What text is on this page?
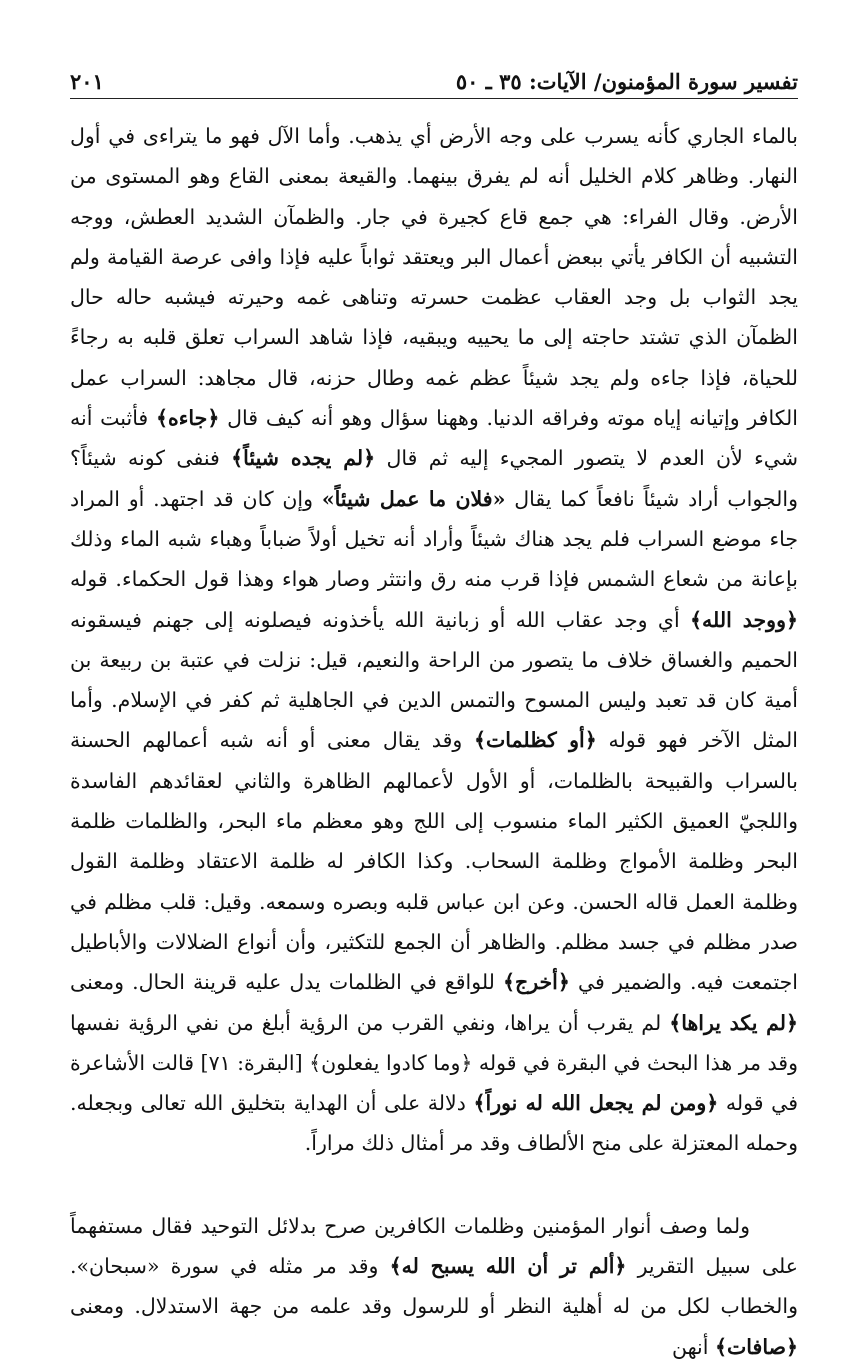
تفسير سورة المؤمنون/ الآيات: ٣٥ ـ ٥٠
٢٠١

بالماء الجاري كأنه يسرب على وجه الأرض أي يذهب. وأما الآل فهو ما يتراءى في أول النهار. وظاهر كلام الخليل أنه لم يفرق بينهما. والقيعة بمعنى القاع وهو المستوى من الأرض. وقال الفراء: هي جمع قاع كجيرة في جار. والظمآن الشديد العطش، ووجه التشبيه أن الكافر يأتي ببعض أعمال البر ويعتقد ثواباً عليه فإذا وافى عرصة القيامة ولم يجد الثواب بل وجد العقاب عظمت حسرته وتناهى غمه وحيرته فيشبه حاله حال الظمآن الذي تشتد حاجته إلى ما يحييه ويبقيه، فإذا شاهد السراب تعلق قلبه به رجاءً للحياة، فإذا جاءه ولم يجد شيئاً عظم غمه وطال حزنه، قال مجاهد: السراب عمل الكافر وإتيانه إياه موته وفراقه الدنيا. وههنا سؤال وهو أنه كيف قال ﴿جاءه﴾ فأثبت أنه شيء لأن العدم لا يتصور المجيء إليه ثم قال ﴿لم يجده شيئاً﴾ فنفى كونه شيئاً؟ والجواب أراد شيئاً نافعاً كما يقال «فلان ما عمل شيئاً» وإن كان قد اجتهد. أو المراد جاء موضع السراب فلم يجد هناك شيئاً وأراد أنه تخيل أولاً ضباباً وهباء شبه الماء وذلك بإعانة من شعاع الشمس فإذا قرب منه رق وانتثر وصار هواء وهذا قول الحكماء. قوله ﴿ووجد الله﴾ أي وجد عقاب الله أو زبانية الله يأخذونه فيصلونه إلى جهنم فيسقونه الحميم والغساق خلاف ما يتصور من الراحة والنعيم، قيل: نزلت في عتبة بن ربيعة بن أمية كان قد تعبد وليس المسوح والتمس الدين في الجاهلية ثم كفر في الإسلام. وأما المثل الآخر فهو قوله ﴿أو كظلمات﴾ وقد يقال معنى أو أنه شبه أعمالهم الحسنة بالسراب والقبيحة بالظلمات، أو الأول لأعمالهم الظاهرة والثاني لعقائدهم الفاسدة واللجيّ العميق الكثير الماء منسوب إلى اللج وهو معظم ماء البحر، والظلمات ظلمة البحر وظلمة الأمواج وظلمة السحاب. وكذا الكافر له ظلمة الاعتقاد وظلمة القول وظلمة العمل قاله الحسن. وعن ابن عباس قلبه وبصره وسمعه. وقيل: قلب مظلم في صدر مظلم في جسد مظلم. والظاهر أن الجمع للتكثير، وأن أنواع الضلالات والأباطيل اجتمعت فيه. والضمير في ﴿أخرج﴾ للواقع في الظلمات يدل عليه قرينة الحال. ومعنى ﴿لم يكد يراها﴾ لم يقرب أن يراها، ونفي القرب من الرؤية أبلغ من نفي الرؤية نفسها وقد مر هذا البحث في البقرة في قوله ﴿وما كادوا يفعلون﴾ [البقرة: ٧١] قالت الأشاعرة في قوله ﴿ومن لم يجعل الله له نوراً﴾ دلالة على أن الهداية بتخليق الله تعالى وبجعله. وحمله المعتزلة على منح الألطاف وقد مر أمثال ذلك مراراً.

ولما وصف أنوار المؤمنين وظلمات الكافرين صرح بدلائل التوحيد فقال مستفهماً على سبيل التقرير ﴿ألم تر أن الله يسبح له﴾ وقد مر مثله في سورة «سبحان». والخطاب لكل من له أهلية النظر أو للرسول وقد علمه من جهة الاستدلال. ومعنى ﴿صافات﴾ أنهن
